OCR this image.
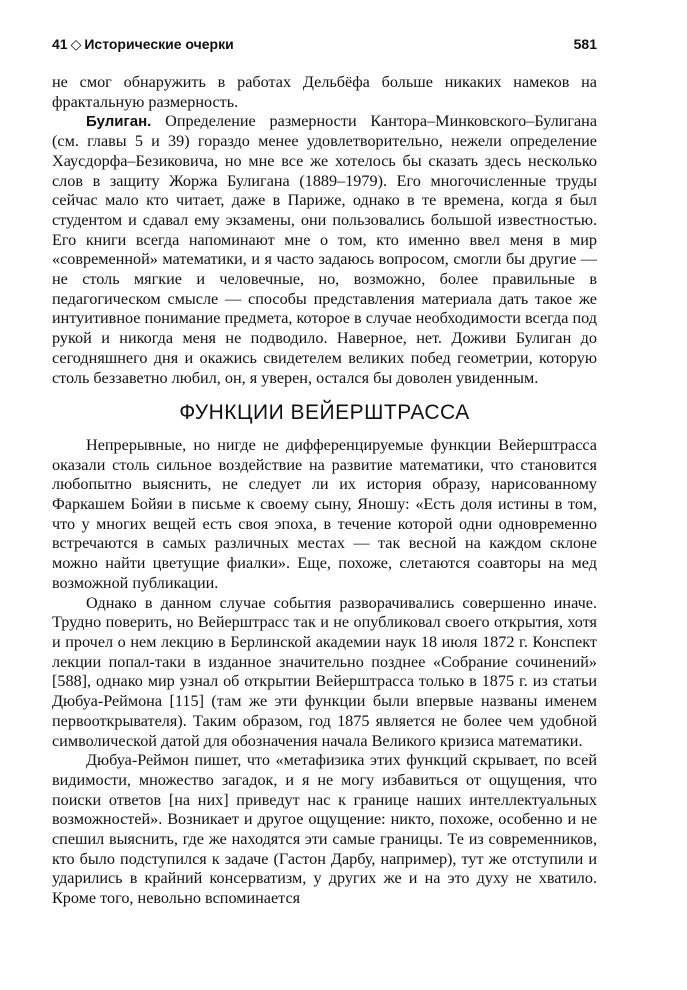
41 ◇ Исторические очерки	581

не смог обнаружить в работах Дельбёфа больше никаких намеков на фрактальную размерность.

Булиган. Определение размерности Кантора–Минковского–Булигана (см. главы 5 и 39) гораздо менее удовлетворительно, нежели определение Хаусдорфа–Безиковича, но мне все же хотелось бы сказать здесь несколько слов в защиту Жоржа Булигана (1889–1979). Его многочисленные труды сейчас мало кто читает, даже в Париже, однако в те времена, когда я был студентом и сдавал ему экзамены, они пользовались большой известностью. Его книги всегда напоминают мне о том, кто именно ввел меня в мир «современной» математики, и я часто задаюсь вопросом, смогли бы другие — не столь мягкие и человечные, но, возможно, более правильные в педагогическом смысле — способы представления материала дать такое же интуитивное понимание предмета, которое в случае необходимости всегда под рукой и никогда меня не подводило. Наверное, нет. Доживи Булиган до сегодняшнего дня и окажись свидетелем великих побед геометрии, которую столь беззаветно любил, он, я уверен, остался бы доволен увиденным.

ФУНКЦИИ ВЕЙЕРШТРАССА

Непрерывные, но нигде не дифференцируемые функции Вейерштрасса оказали столь сильное воздействие на развитие математики, что становится любопытно выяснить, не следует ли их история образу, нарисованному Фаркашем Бойяи в письме к своему сыну, Яношу: «Есть доля истины в том, что у многих вещей есть своя эпоха, в течение которой одни одновременно встречаются в самых различных местах — так весной на каждом склоне можно найти цветущие фиалки». Еще, похоже, слетаются соавторы на мед возможной публикации.

Однако в данном случае события разворачивались совершенно иначе. Трудно поверить, но Вейерштрасс так и не опубликовал своего открытия, хотя и прочел о нем лекцию в Берлинской академии наук 18 июля 1872 г. Конспект лекции попал-таки в изданное значительно позднее «Собрание сочинений» [588], однако мир узнал об открытии Вейерштрасса только в 1875 г. из статьи Дюбуа-Реймона [115] (там же эти функции были впервые названы именем первооткрывателя). Таким образом, год 1875 является не более чем удобной символической датой для обозначения начала Великого кризиса математики.

Дюбуа-Реймон пишет, что «метафизика этих функций скрывает, по всей видимости, множество загадок, и я не могу избавиться от ощущения, что поиски ответов [на них] приведут нас к границе наших интеллектуальных возможностей». Возникает и другое ощущение: никто, похоже, особенно и не спешил выяснить, где же находятся эти самые границы. Те из современников, кто было подступился к задаче (Гастон Дарбу, например), тут же отступили и ударились в крайний консерватизм, у других же и на это духу не хватило. Кроме того, невольно вспоминается
